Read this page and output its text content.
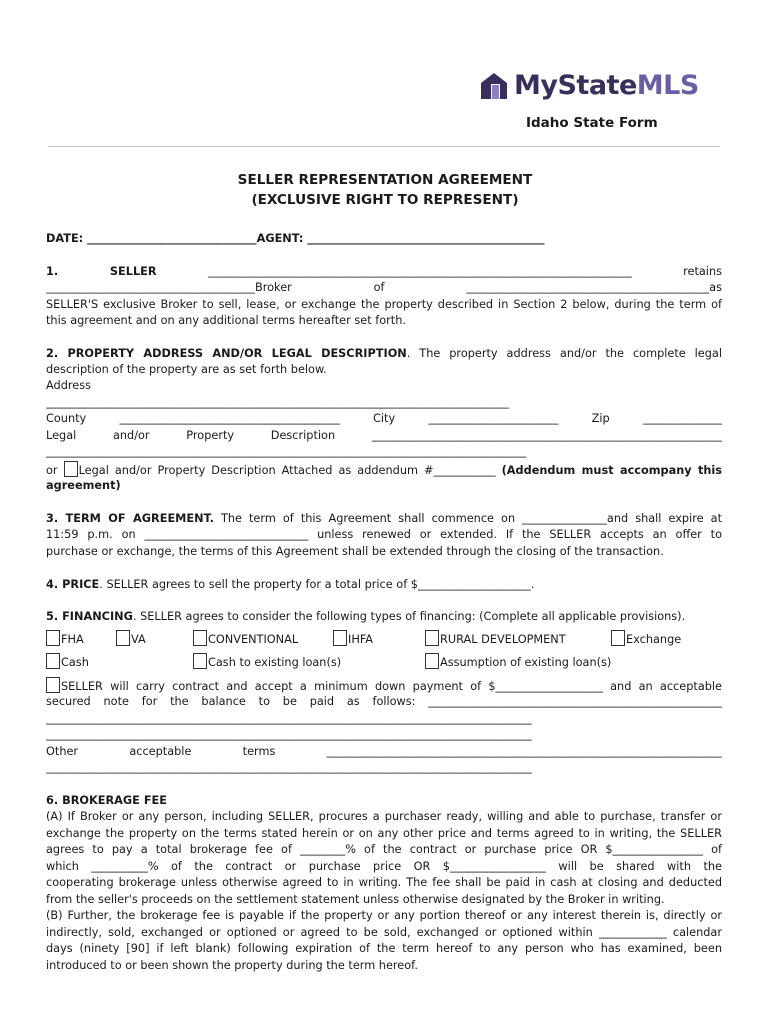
MyStateMLS
Idaho State Form
SELLER REPRESENTATION AGREEMENT
(EXCLUSIVE RIGHT TO REPRESENT)
DATE: ______________________________AGENT: __________________________________________
1. SELLER	___________________________________________________________________________	retains
_____________________________________Broker of	___________________________________________as
SELLER'S exclusive Broker to sell, lease, or exchange the property described in Section 2 below, during the term of
this agreement and on any additional terms hereafter set forth.
2. PROPERTY ADDRESS AND/OR LEGAL DESCRIPTION. The property address and/or the complete legal
description of the property are as set forth below.
Address
__________________________________________________________________________________
County	_______________________________________	City	_______________________	Zip	______________
Legal and/or Property Description	______________________________________________________________
_____________________________________________________________________________________
or Legal and/or Property Description Attached as addendum #___________ (Addendum must accompany this
agreement)
3. TERM OF AGREEMENT. The term of this Agreement shall commence on _______________and shall expire at
11:59 p.m. on _____________________________ unless renewed or extended. If the SELLER accepts an offer to
purchase or exchange, the terms of this Agreement shall be extended through the closing of the transaction.
4. PRICE. SELLER agrees to sell the property for a total price of $____________________.
5. FINANCING. SELLER agrees to consider the following types of financing: (Complete all applicable provisions).
FHA	VA	CONVENTIONAL	IHFA	RURAL DEVELOPMENT	Exchange
Cash	Cash to existing loan(s)	Assumption of existing loan(s)
SELLER will carry contract and accept a minimum down payment of $___________________ and an acceptable
secured note for the balance to be paid as follows: ____________________________________________________
______________________________________________________________________________________
______________________________________________________________________________________
Other acceptable terms	______________________________________________________________________
______________________________________________________________________________________
6. BROKERAGE FEE
(A) If Broker or any person, including SELLER, procures a purchaser ready, willing and able to purchase, transfer or
exchange the property on the terms stated herein or on any other price and terms agreed to in writing, the SELLER
agrees to pay a total brokerage fee of ________% of the contract or purchase price OR $________________ of
which __________% of the contract or purchase price OR $_________________ will be shared with the
cooperating brokerage unless otherwise agreed to in writing. The fee shall be paid in cash at closing and deducted
from the seller's proceeds on the settlement statement unless otherwise designated by the Broker in writing.
(B) Further, the brokerage fee is payable if the property or any portion thereof or any interest therein is, directly or
indirectly, sold, exchanged or optioned or agreed to be sold, exchanged or optioned within ____________ calendar
days (ninety [90] if left blank) following expiration of the term hereof to any person who has examined, been
introduced to or been shown the property during the term hereof.
